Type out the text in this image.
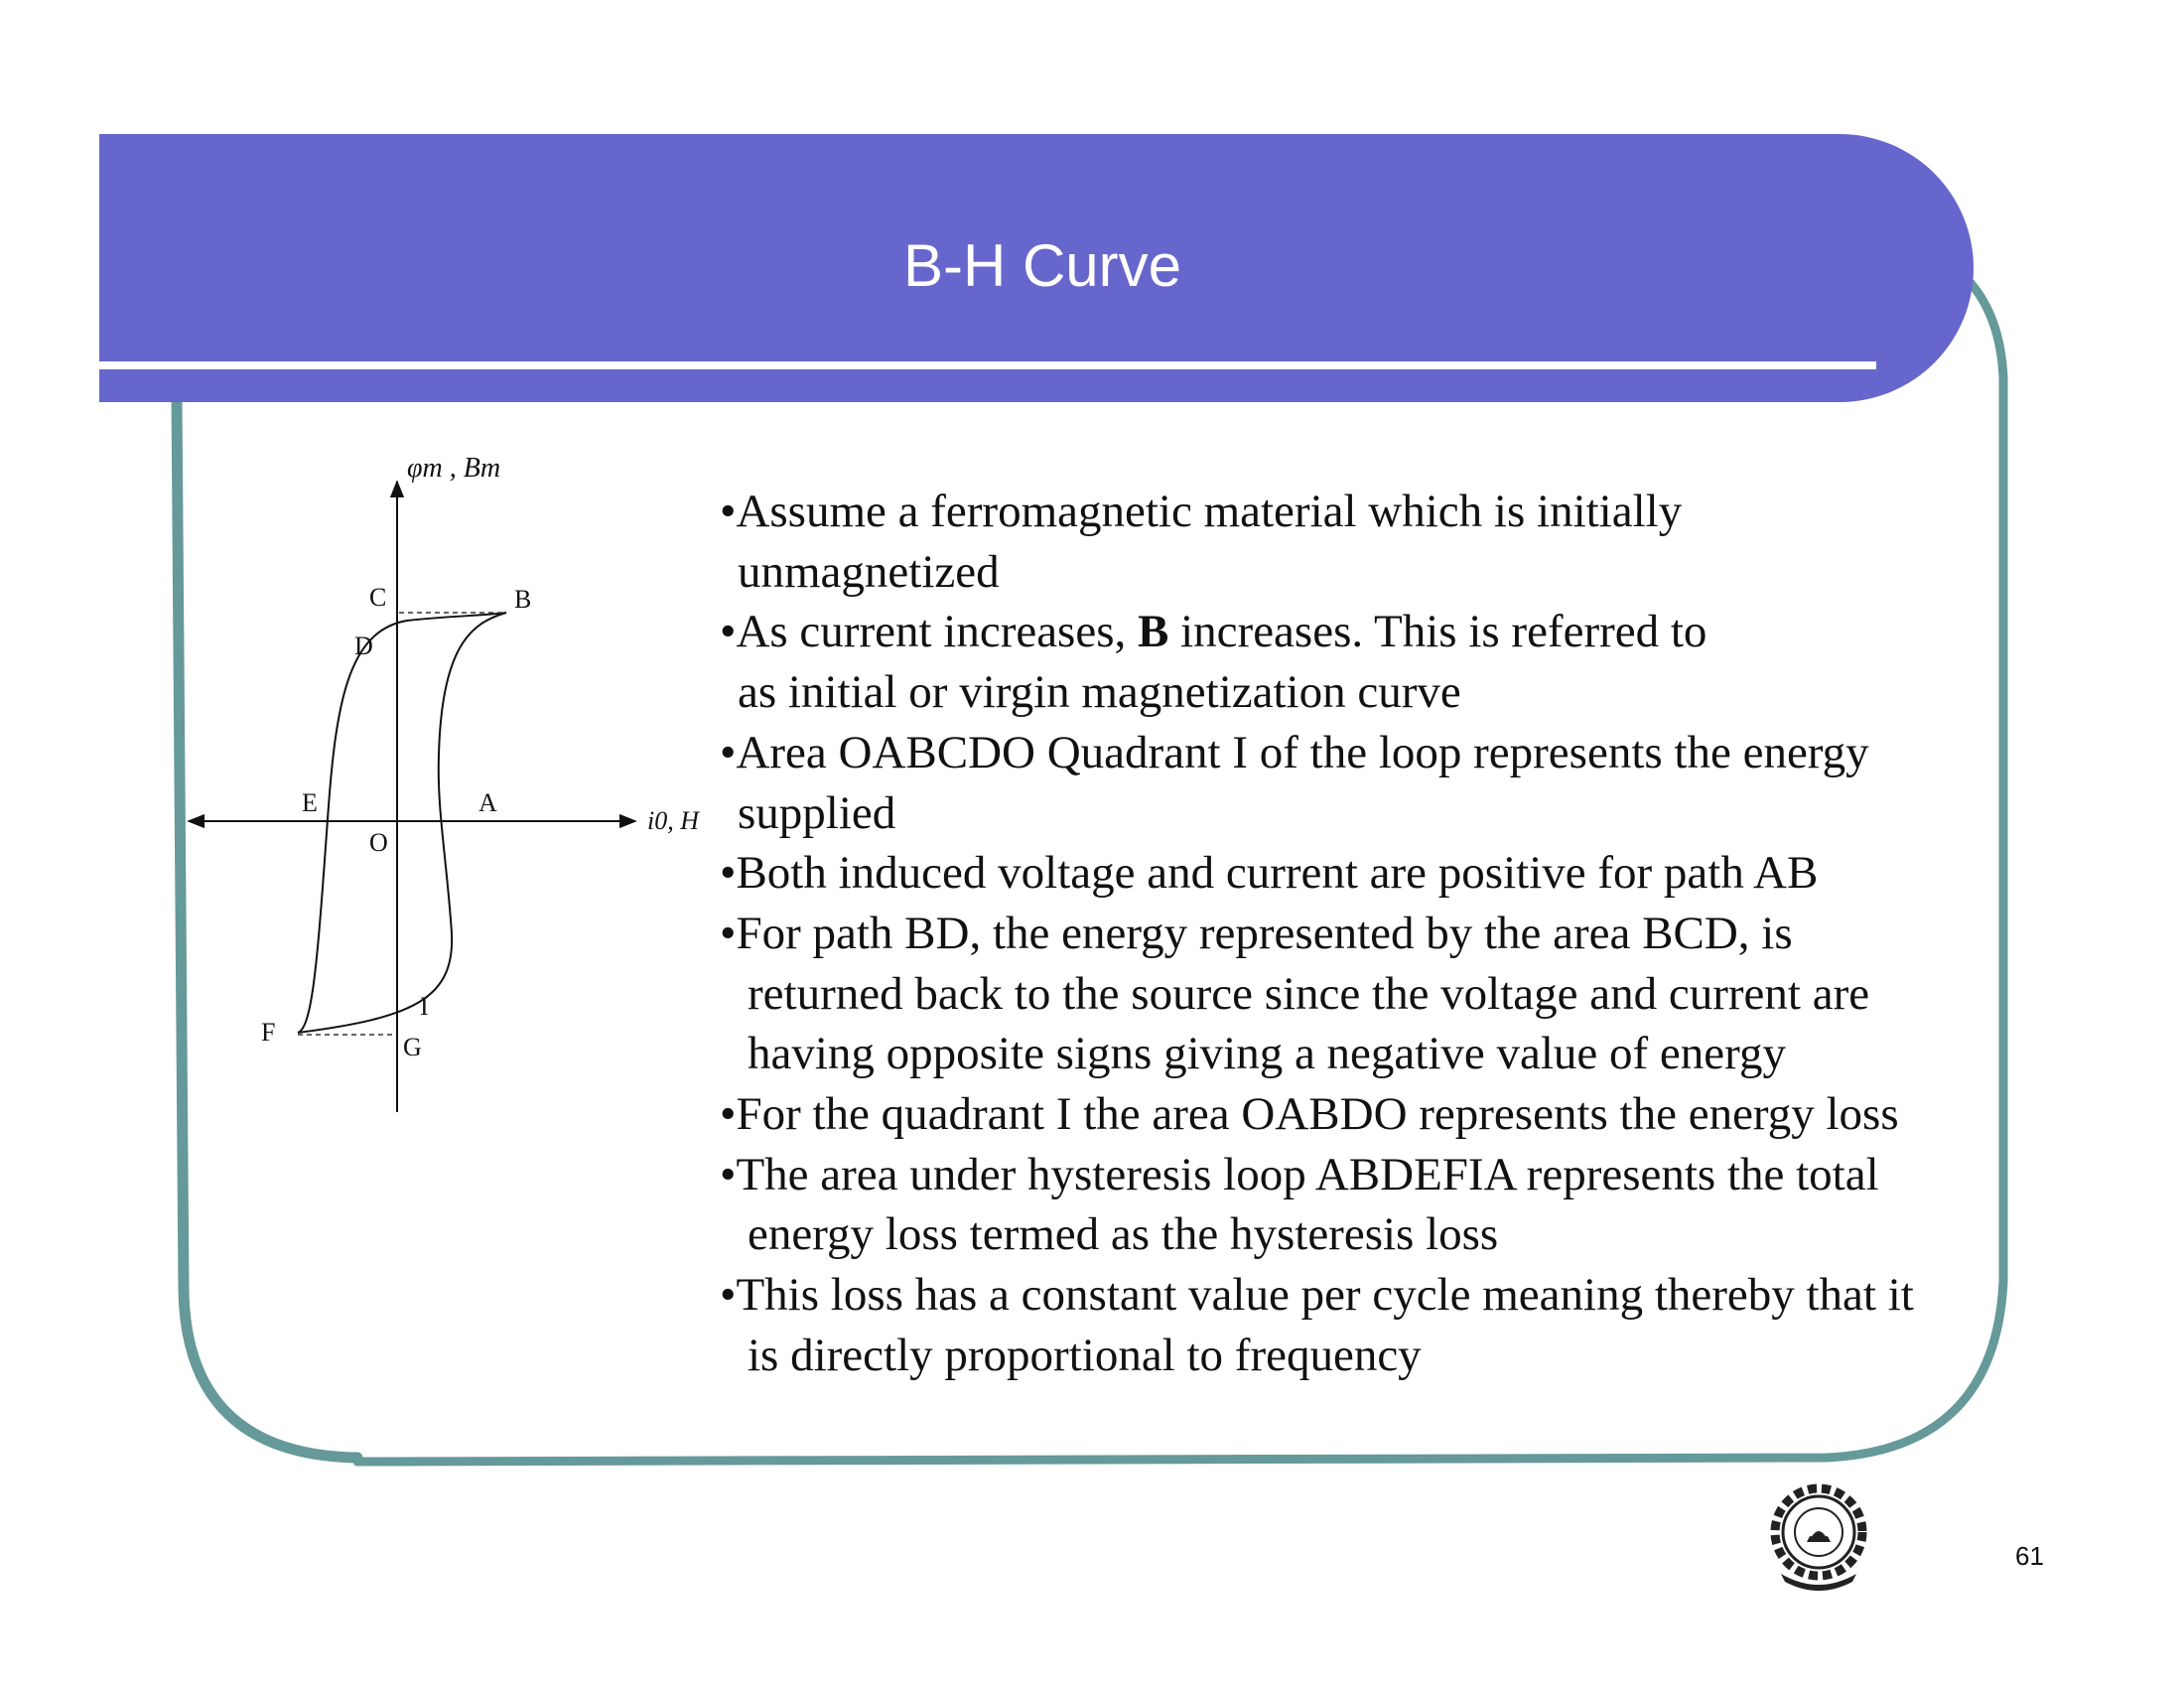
B-H Curve
φm , Bm
i0, H
C	B
D
E	A
O
I
F
G

•Assume a ferromagnetic material which is initially
unmagnetized

•As current increases, B increases. This is referred to
as initial or virgin magnetization curve

•Area OABCDO Quadrant I of the loop represents the energy
supplied

•Both induced voltage and current are positive for path AB

•For path BD, the energy represented by the area BCD, is
returned back to the source since the voltage and current are
having opposite signs giving a negative value of energy

•For the quadrant I the area OABDO represents the energy loss

•The area under hysteresis loop ABDEFIA represents the total
energy loss termed as the hysteresis loss

•This loss has a constant value per cycle meaning thereby that it
is directly proportional to frequency

61
